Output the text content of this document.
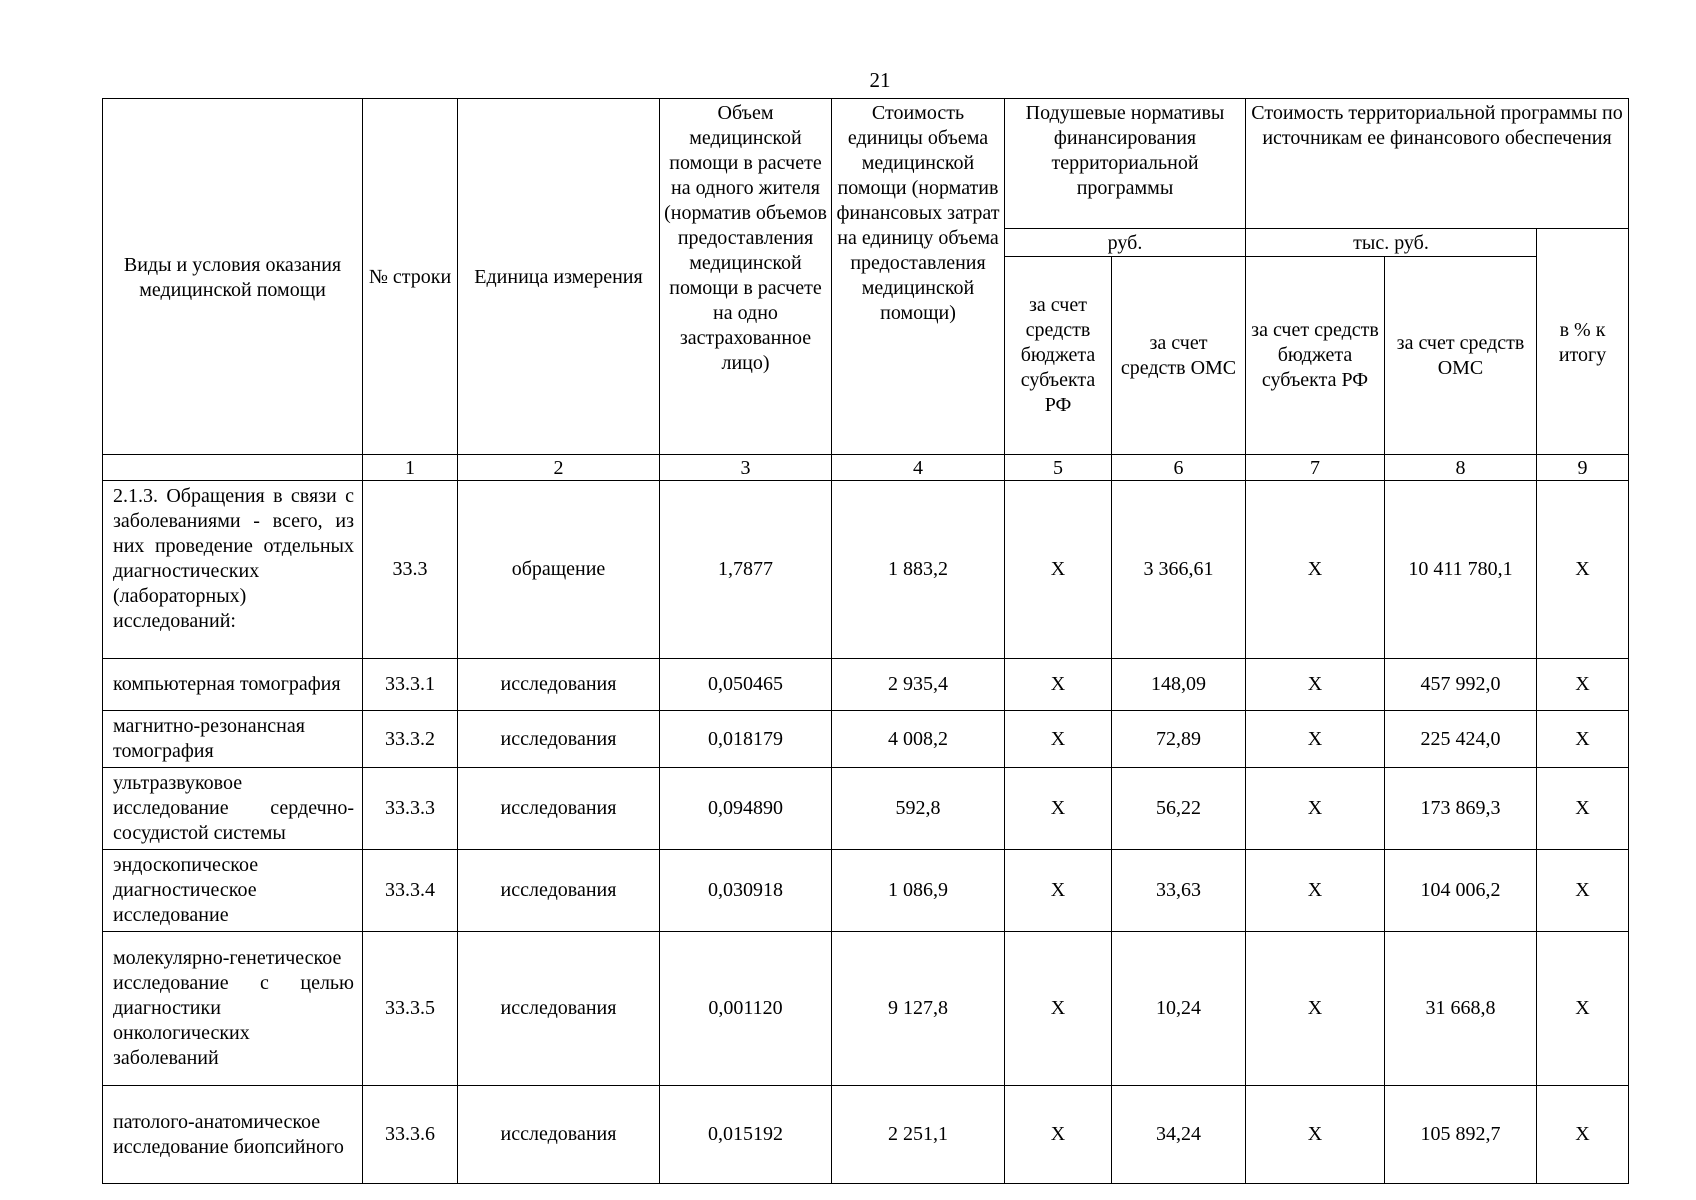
21
Виды и условия оказания медицинской помощи	№ строки	Единица измерения	Объем медицинской помощи в расчете на одного жителя (норматив объемов предоставления медицинской помощи в расчете на одно застрахованное лицо)	Стоимость единицы объема медицинской помощи (норматив финансовых затрат на единицу объема предоставления медицинской помощи)	Подушевые нормативы финансирования территориальной программы		Стоимость территориальной программы по источникам ее финансового обеспечения		
					руб.		тыс. руб.		в % к итогу
					за счет средств бюджета субъекта РФ	за счет средств ОМС	за счет средств бюджета субъекта РФ	за счет средств ОМС	
	1	2	3	4	5	6	7	8	9
2.1.3. Обращения в связи с заболеваниями - всего, из них проведение отдельных диагностических (лабораторных) исследований:	33.3	обращение	1,7877	1 883,2	Х	3 366,61	Х	10 411 780,1	Х
компьютерная томография	33.3.1	исследования	0,050465	2 935,4	Х	148,09	Х	457 992,0	Х
магнитно-резонансная томография	33.3.2	исследования	0,018179	4 008,2	Х	72,89	Х	225 424,0	Х
ультразвуковое исследование сердечно-сосудистой системы	33.3.3	исследования	0,094890	592,8	Х	56,22	Х	173 869,3	Х
эндоскопическое диагностическое исследование	33.3.4	исследования	0,030918	1 086,9	Х	33,63	Х	104 006,2	Х
молекулярно-генетическое исследование с целью диагностики онкологических заболеваний	33.3.5	исследования	0,001120	9 127,8	Х	10,24	Х	31 668,8	Х
патолого-анатомическое исследование биопсийного	33.3.6	исследования	0,015192	2 251,1	Х	34,24	Х	105 892,7	Х
